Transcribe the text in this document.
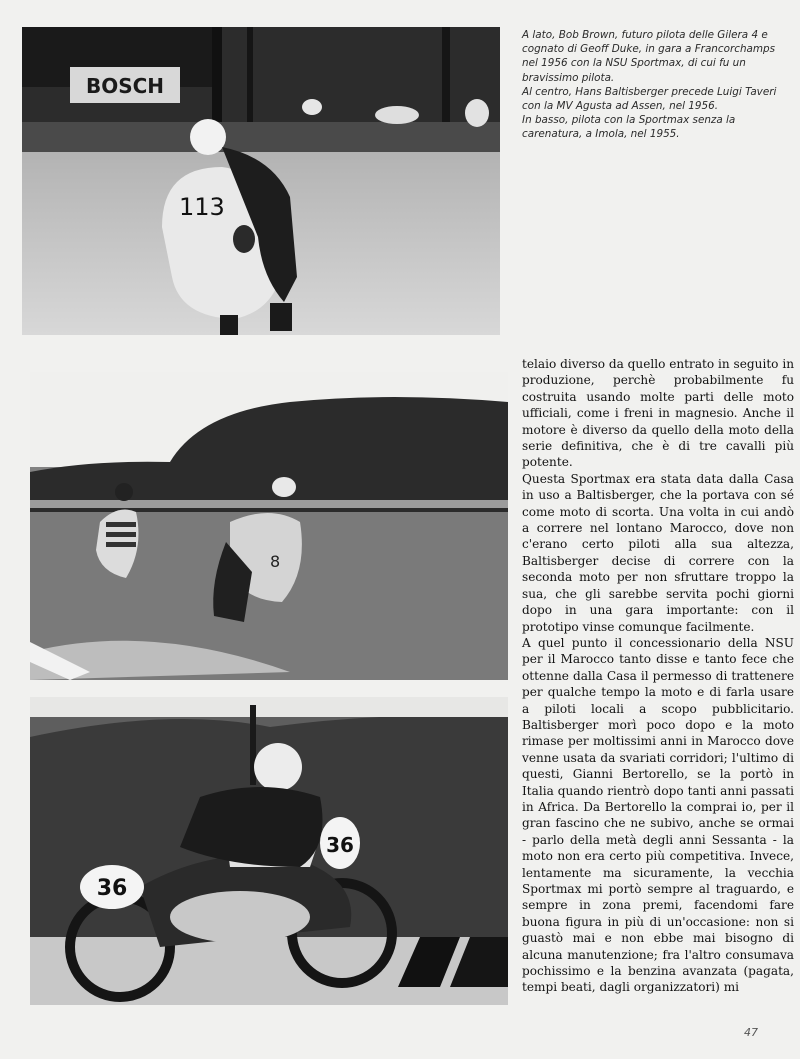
BOSCH
113
8
36
36

A lato, Bob Brown, futuro pilota delle Gilera 4 e cognato di Geoff Duke, in gara a Francorchamps nel 1956 con la NSU Sportmax, di cui fu un bravissimo pilota.

Al centro, Hans Baltisberger precede Luigi Taveri con la MV Agusta ad Assen, nel 1956.

In basso, pilota con la Sportmax senza la carenatura, a Imola, nel 1955.

telaio diverso da quello entrato in seguito in produzione, perchè probabilmente fu costruita usando molte parti delle moto ufficiali, come i freni in magnesio. Anche il motore è diverso da quello della moto della serie definitiva, che è di tre cavalli più potente.

Questa Sportmax era stata data dalla Casa in uso a Baltisberger, che la portava con sé come moto di scorta. Una volta in cui andò a correre nel lontano Marocco, dove non c'erano certo piloti alla sua altezza, Baltisberger decise di correre con la seconda moto per non sfruttare troppo la sua, che gli sarebbe servita pochi giorni dopo in una gara importante: con il prototipo vinse comunque facilmente.

A quel punto il concessionario della NSU per il Marocco tanto disse e tanto fece che ottenne dalla Casa il permesso di trattenere per qualche tempo la moto e di farla usare a piloti locali a scopo pubblicitario. Baltisberger morì poco dopo e la moto rimase per moltissimi anni in Marocco dove venne usata da svariati corridori; l'ultimo di questi, Gianni Bertorello, se la portò in Italia quando rientrò dopo tanti anni passati in Africa. Da Bertorello la comprai io, per il gran fascino che ne subivo, anche se ormai - parlo della metà degli anni Sessanta - la moto non era certo più competitiva. Invece, lentamente ma sicuramente, la vecchia Sportmax mi portò sempre al traguardo, e sempre in zona premi, facendomi fare buona figura in più di un'occasione: non si guastò mai e non ebbe mai bisogno di alcuna manutenzione; fra l'altro consumava pochissimo e la benzina avanzata (pagata, tempi beati, dagli organizzatori) mi

47
